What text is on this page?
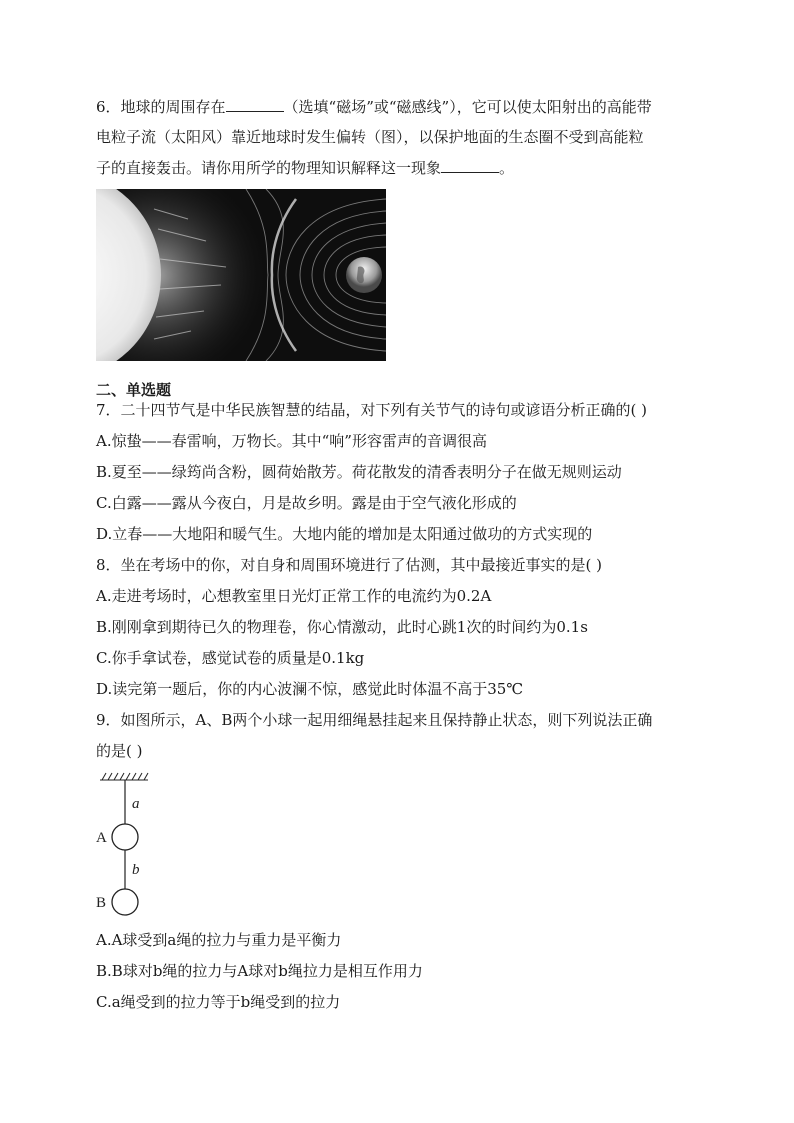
6．地球的周围存在	（选填“磁场”或“磁感线”），它可以使太阳射出的高能带
电粒子流（太阳风）靠近地球时发生偏转（图），以保护地面的生态圈不受到高能粒
子的直接轰击。请你用所学的物理知识解释这一现象	。
二、单选题
7．二十四节气是中华民族智慧的结晶，对下列有关节气的诗句或谚语分析正确的( )
A.惊蛰——春雷响，万物长。其中“响”形容雷声的音调很高
B.夏至——绿筠尚含粉，圆荷始散芳。荷花散发的清香表明分子在做无规则运动
C.白露——露从今夜白，月是故乡明。露是由于空气液化形成的
D.立春——大地阳和暖气生。大地内能的增加是太阳通过做功的方式实现的
8．坐在考场中的你，对自身和周围环境进行了估测，其中最接近事实的是( )
A.走进考场时，心想教室里日光灯正常工作的电流约为0.2A
B.刚刚拿到期待已久的物理卷，你心情激动，此时心跳1次的时间约为0.1s
C.你手拿试卷，感觉试卷的质量是0.1kg
D.读完第一题后，你的内心波澜不惊，感觉此时体温不高于35℃
9．如图所示，A、B两个小球一起用细绳悬挂起来且保持静止状态，则下列说法正确
的是( )
a
A
b
B
A.A球受到a绳的拉力与重力是平衡力
B.B球对b绳的拉力与A球对b绳拉力是相互作用力
C.a绳受到的拉力等于b绳受到的拉力
